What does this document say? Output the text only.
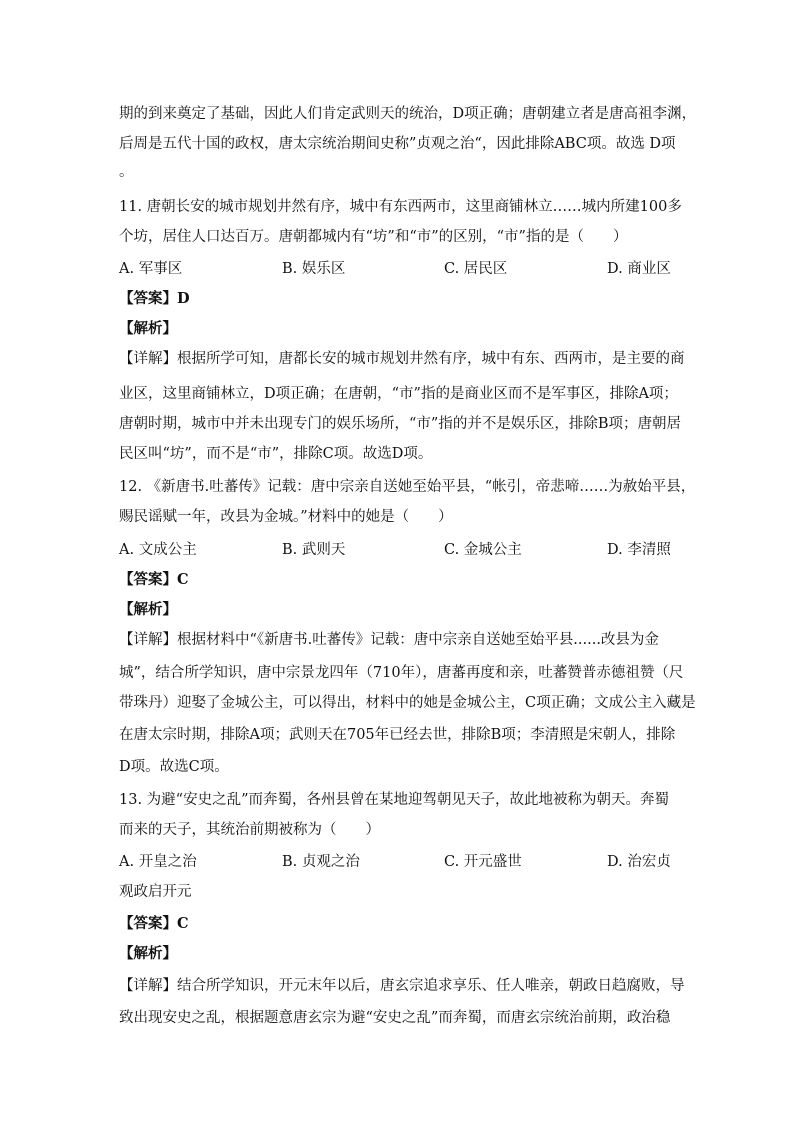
期的到来奠定了基础，因此人们肯定武则天的统治，D项正确；唐朝建立者是唐高祖李渊，
后周是五代十国的政权，唐太宗统治期间史称”贞观之治“，因此排除ABC项。故选 D项
。
11. 唐朝长安的城市规划井然有序，城中有东西两市，这里商铺林立……城内所建100多
个坊，居住人口达百万。唐朝都城内有“坊”和“市”的区别，“市”指的是（　　）
A. 军事区	B. 娱乐区	C. 居民区	D. 商业区
【答案】D
【解析】
【详解】根据所学可知，唐都长安的城市规划井然有序，城中有东、西两市，是主要的商
业区，这里商铺林立，D项正确；在唐朝，“市”指的是商业区而不是军事区，排除A项；
唐朝时期，城市中并未出现专门的娱乐场所，“市”指的并不是娱乐区，排除B项；唐朝居
民区叫“坊”，而不是“市”，排除C项。故选D项。
12. 《新唐书.吐蕃传》记载：唐中宗亲自送她至始平县，“帐引，帝悲啼……为赦始平县，
赐民谣赋一年，改县为金城。”材料中的她是（　　）
A. 文成公主	B. 武则天	C. 金城公主	D. 李清照
【答案】C
【解析】
【详解】根据材料中“《新唐书.吐蕃传》记载：唐中宗亲自送她至始平县......改县为金
城”，结合所学知识，唐中宗景龙四年（710年），唐蕃再度和亲，吐蕃赞普赤德祖赞（尺
带珠丹）迎娶了金城公主，可以得出，材料中的她是金城公主，C项正确；文成公主入藏是
在唐太宗时期，排除A项；武则天在705年已经去世，排除B项；李清照是宋朝人，排除
D项。故选C项。
13. 为避“安史之乱”而奔蜀，各州县曾在某地迎驾朝见天子，故此地被称为朝天。奔蜀
而来的天子，其统治前期被称为（　　）
A. 开皇之治	B. 贞观之治	C. 开元盛世	D. 治宏贞
观政启开元
【答案】C
【解析】
【详解】结合所学知识，开元末年以后，唐玄宗追求享乐、任人唯亲，朝政日趋腐败，导
致出现安史之乱，根据题意唐玄宗为避“安史之乱”而奔蜀，而唐玄宗统治前期，政治稳
